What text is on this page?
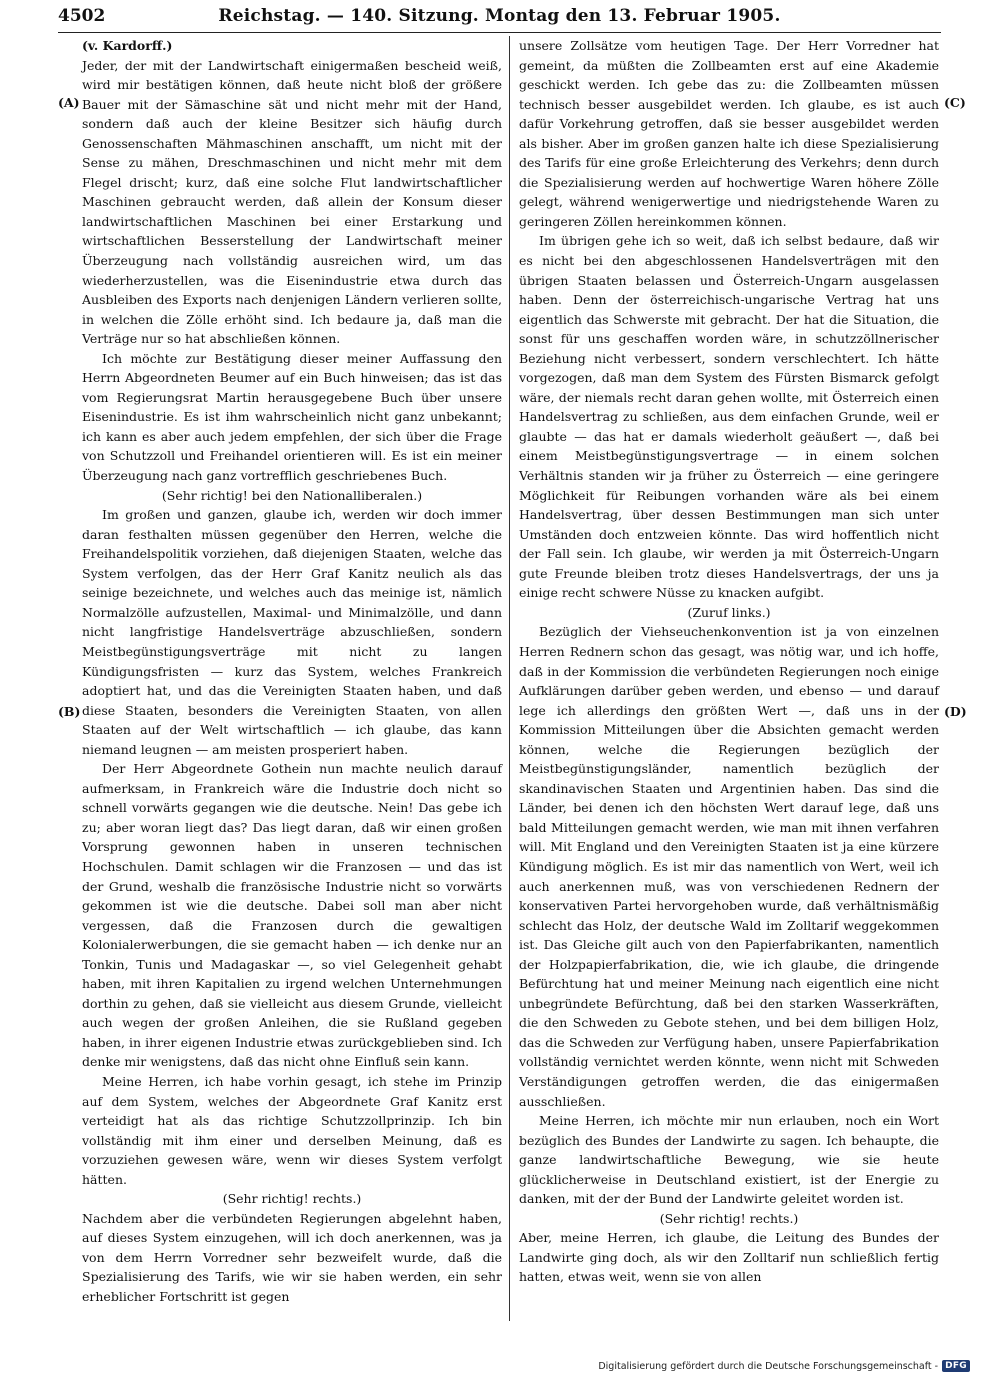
4502	Reichstag. — 140. Sitzung. Montag den 13. Februar 1905.
(A)
(B)
(C)
(D)

(v. Kardorff.)

Jeder, der mit der Landwirtschaft einigermaßen bescheid weiß, wird mir bestätigen können, daß heute nicht bloß der größere Bauer mit der Sämaschine sät und nicht mehr mit der Hand, sondern daß auch der kleine Besitzer sich häufig durch Genossenschaften Mähmaschinen anschafft, um nicht mit der Sense zu mähen, Dreschmaschinen und nicht mehr mit dem Flegel drischt; kurz, daß eine solche Flut landwirtschaftlicher Maschinen gebraucht werden, daß allein der Konsum dieser landwirtschaftlichen Maschinen bei einer Erstarkung und wirtschaftlichen Besserstellung der Landwirtschaft meiner Überzeugung nach vollständig ausreichen wird, um das wiederherzustellen, was die Eisenindustrie etwa durch das Ausbleiben des Exports nach denjenigen Ländern verlieren sollte, in welchen die Zölle erhöht sind. Ich bedaure ja, daß man die Verträge nur so hat abschließen können.

Ich möchte zur Bestätigung dieser meiner Auffassung den Herrn Abgeordneten Beumer auf ein Buch hinweisen; das ist das vom Regierungsrat Martin herausgegebene Buch über unsere Eisenindustrie. Es ist ihm wahrscheinlich nicht ganz unbekannt; ich kann es aber auch jedem empfehlen, der sich über die Frage von Schutzzoll und Freihandel orientieren will. Es ist ein meiner Überzeugung nach ganz vortrefflich geschriebenes Buch.

(Sehr richtig! bei den Nationalliberalen.)

Im großen und ganzen, glaube ich, werden wir doch immer daran festhalten müssen gegenüber den Herren, welche die Freihandelspolitik vorziehen, daß diejenigen Staaten, welche das System verfolgen, das der Herr Graf Kanitz neulich als das seinige bezeichnete, und welches auch das meinige ist, nämlich Normalzölle aufzustellen, Maximal- und Minimalzölle, und dann nicht langfristige Handelsverträge abzuschließen, sondern Meistbegünstigungsverträge mit nicht zu langen Kündigungsfristen — kurz das System, welches Frankreich adoptiert hat, und das die Vereinigten Staaten haben, und daß diese Staaten, besonders die Vereinigten Staaten, von allen Staaten auf der Welt wirtschaftlich — ich glaube, das kann niemand leugnen — am meisten prosperiert haben.

Der Herr Abgeordnete Gothein nun machte neulich darauf aufmerksam, in Frankreich wäre die Industrie doch nicht so schnell vorwärts gegangen wie die deutsche. Nein! Das gebe ich zu; aber woran liegt das? Das liegt daran, daß wir einen großen Vorsprung gewonnen haben in unseren technischen Hochschulen. Damit schlagen wir die Franzosen — und das ist der Grund, weshalb die französische Industrie nicht so vorwärts gekommen ist wie die deutsche. Dabei soll man aber nicht vergessen, daß die Franzosen durch die gewaltigen Kolonialerwerbungen, die sie gemacht haben — ich denke nur an Tonkin, Tunis und Madagaskar —, so viel Gelegenheit gehabt haben, mit ihren Kapitalien zu irgend welchen Unternehmungen dorthin zu gehen, daß sie vielleicht aus diesem Grunde, vielleicht auch wegen der großen Anleihen, die sie Rußland gegeben haben, in ihrer eigenen Industrie etwas zurückgeblieben sind. Ich denke mir wenigstens, daß das nicht ohne Einfluß sein kann.

Meine Herren, ich habe vorhin gesagt, ich stehe im Prinzip auf dem System, welches der Abgeordnete Graf Kanitz erst verteidigt hat als das richtige Schutzzollprinzip. Ich bin vollständig mit ihm einer und derselben Meinung, daß es vorzuziehen gewesen wäre, wenn wir dieses System verfolgt hätten.

(Sehr richtig! rechts.)

Nachdem aber die verbündeten Regierungen abgelehnt haben, auf dieses System einzugehen, will ich doch anerkennen, was ja von dem Herrn Vorredner sehr bezweifelt wurde, daß die Spezialisierung des Tarifs, wie wir sie haben werden, ein sehr erheblicher Fortschritt ist gegen

unsere Zollsätze vom heutigen Tage. Der Herr Vorredner hat gemeint, da müßten die Zollbeamten erst auf eine Akademie geschickt werden. Ich gebe das zu: die Zollbeamten müssen technisch besser ausgebildet werden. Ich glaube, es ist auch dafür Vorkehrung getroffen, daß sie besser ausgebildet werden als bisher. Aber im großen ganzen halte ich diese Spezialisierung des Tarifs für eine große Erleichterung des Verkehrs; denn durch die Spezialisierung werden auf hochwertige Waren höhere Zölle gelegt, während wenigerwertige und niedrigstehende Waren zu geringeren Zöllen hereinkommen können.

Im übrigen gehe ich so weit, daß ich selbst bedaure, daß wir es nicht bei den abgeschlossenen Handelsverträgen mit den übrigen Staaten belassen und Österreich-Ungarn ausgelassen haben. Denn der österreichisch-ungarische Vertrag hat uns eigentlich das Schwerste mit gebracht. Der hat die Situation, die sonst für uns geschaffen worden wäre, in schutzzöllnerischer Beziehung nicht verbessert, sondern verschlechtert. Ich hätte vorgezogen, daß man dem System des Fürsten Bismarck gefolgt wäre, der niemals recht daran gehen wollte, mit Österreich einen Handelsvertrag zu schließen, aus dem einfachen Grunde, weil er glaubte — das hat er damals wiederholt geäußert —, daß bei einem Meistbegünstigungsvertrage — in einem solchen Verhältnis standen wir ja früher zu Österreich — eine geringere Möglichkeit für Reibungen vorhanden wäre als bei einem Handelsvertrag, über dessen Bestimmungen man sich unter Umständen doch entzweien könnte. Das wird hoffentlich nicht der Fall sein. Ich glaube, wir werden ja mit Österreich-Ungarn gute Freunde bleiben trotz dieses Handelsvertrags, der uns ja einige recht schwere Nüsse zu knacken aufgibt.

(Zuruf links.)

Bezüglich der Viehseuchenkonvention ist ja von einzelnen Herren Rednern schon das gesagt, was nötig war, und ich hoffe, daß in der Kommission die verbündeten Regierungen noch einige Aufklärungen darüber geben werden, und ebenso — und darauf lege ich allerdings den größten Wert —, daß uns in der Kommission Mitteilungen über die Absichten gemacht werden können, welche die Regierungen bezüglich der Meistbegünstigungsländer, namentlich bezüglich der skandinavischen Staaten und Argentinien haben. Das sind die Länder, bei denen ich den höchsten Wert darauf lege, daß uns bald Mitteilungen gemacht werden, wie man mit ihnen verfahren will. Mit England und den Vereinigten Staaten ist ja eine kürzere Kündigung möglich. Es ist mir das namentlich von Wert, weil ich auch anerkennen muß, was von verschiedenen Rednern der konservativen Partei hervorgehoben wurde, daß verhältnismäßig schlecht das Holz, der deutsche Wald im Zolltarif weggekommen ist. Das Gleiche gilt auch von den Papierfabrikanten, namentlich der Holzpapierfabrikation, die, wie ich glaube, die dringende Befürchtung hat und meiner Meinung nach eigentlich eine nicht unbegründete Befürchtung, daß bei den starken Wasserkräften, die den Schweden zu Gebote stehen, und bei dem billigen Holz, das die Schweden zur Verfügung haben, unsere Papierfabrikation vollständig vernichtet werden könnte, wenn nicht mit Schweden Verständigungen getroffen werden, die das einigermaßen ausschließen.

Meine Herren, ich möchte mir nun erlauben, noch ein Wort bezüglich des Bundes der Landwirte zu sagen. Ich behaupte, die ganze landwirtschaftliche Bewegung, wie sie heute glücklicherweise in Deutschland existiert, ist der Energie zu danken, mit der der Bund der Landwirte geleitet worden ist.

(Sehr richtig! rechts.)

Aber, meine Herren, ich glaube, die Leitung des Bundes der Landwirte ging doch, als wir den Zolltarif nun schließlich fertig hatten, etwas weit, wenn sie von allen

Digitalisierung gefördert durch die Deutsche Forschungsgemeinschaft - DFG
